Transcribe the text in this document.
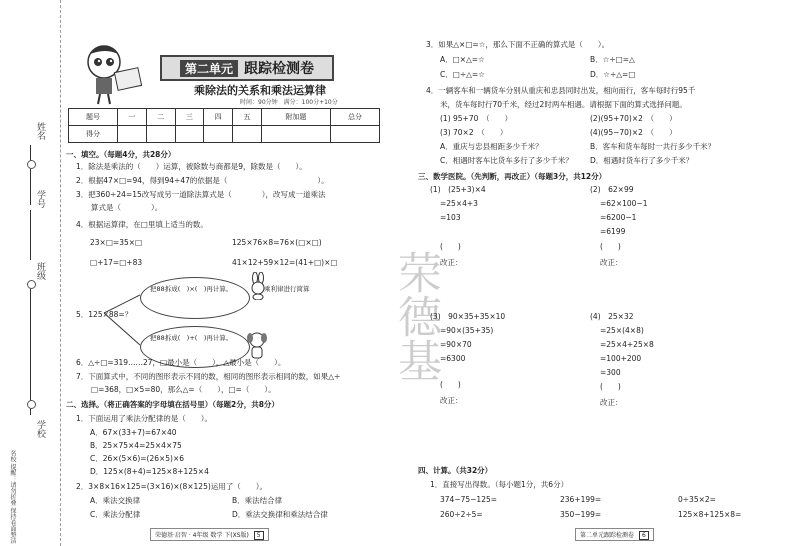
姓名
学号
班级
学校
名校 提醒：请勿折叠 保持卷面整洁
第二单元 跟踪检测卷
乘除法的关系和乘法运算律
时间：90分钟　满分：100分+10分
题号	一	二	三	四	五	附加题	总分
得分							
一、填空。（每题4分，共28分）
1．除法是乘法的（　　）运算，被除数与商都是9，除数是（　　）。
2．根据47×□=94，得到94÷47的依据是（　　　　　　　　　　　　）。
3．把360÷24=15改写成另一道除法算式是（　　　　），改写成一道乘法
　　算式是（　　　　）。
4．根据运算律，在□里填上适当的数。
23×□=35×□	125×76×8=76×(□×□)
□+17=□+83	41×12+59×12=(41+□)×□
把88拆成(　)×(　)再计算。
把88拆成(　)+(　)再计算。
乘利律进行简算
5．125×88=？
6．△÷□=319……27，□最小是（　　），△最小是（　　）。
7．下面算式中，不同的图形表示不同的数，相同的图形表示相同的数，如果△÷
　　□=368，□×5=80，那么△=（　　），□=（　　）。
二、选择。（将正确答案的字母填在括号里）（每题2分，共8分）
1．下面运用了乘法分配律的是（　　）。
A．67×(33+7)=67×40
B．25×75×4=25×4×75
C．26×(5×6)=(26×5)×6
D．125×(8+4)=125×8+125×4
2．3×8×16×125=(3×16)×(8×125)运用了（　　）。
A．乘法交换律	B．乘法结合律
C．乘法分配律	D．乘法交换律和乘法结合律
荣德基
3．如果△×□=☆，那么下面不正确的算式是（　　）。
A．□×△=☆	B．☆÷□=△
C．□÷△=☆	D．☆÷△=□
4．一辆客车和一辆货车分别从重庆和忠县同时出发，相向而行，客车每时行95千
米，货车每时行70千米，经过2时两车相遇。请根据下面的算式选择问题。
(1) 95+70　（　　）	(2)(95+70)×2　（　　）
(3) 70×2　（　　）	(4)(95−70)×2　（　　）
A．重庆与忠县相距多少千米？	B．客车和货车每时一共行多少千米？
C．相遇时客车比货车多行了多少千米？ D．相遇时货车行了多少千米？
三、数学医院。（先判断，再改正）（每题3分，共12分）
(1)　(25+3)×4
=25×4+3
=103
(　　)
改正：
(2)　62×99
=62×100−1
=6200−1
=6199
(　　)
改正：
(3)　90×35+35×10
=90×(35+35)
=90×70
=6300
(　　)
改正：
(4)　25×32
=25×(4×8)
=25×4+25×8
=100+200
=300
(　　)
改正：
四、计算。（共32分）
1．直接写出得数。（每小题1分，共6分）
374−75−125=	236+199=	0÷35×2=
260÷2÷5=	350−199=	125×8+125×8=
荣德基·启智 · 4年级 数学 下(XS版) 5	第二单元跟踪检测卷 6
